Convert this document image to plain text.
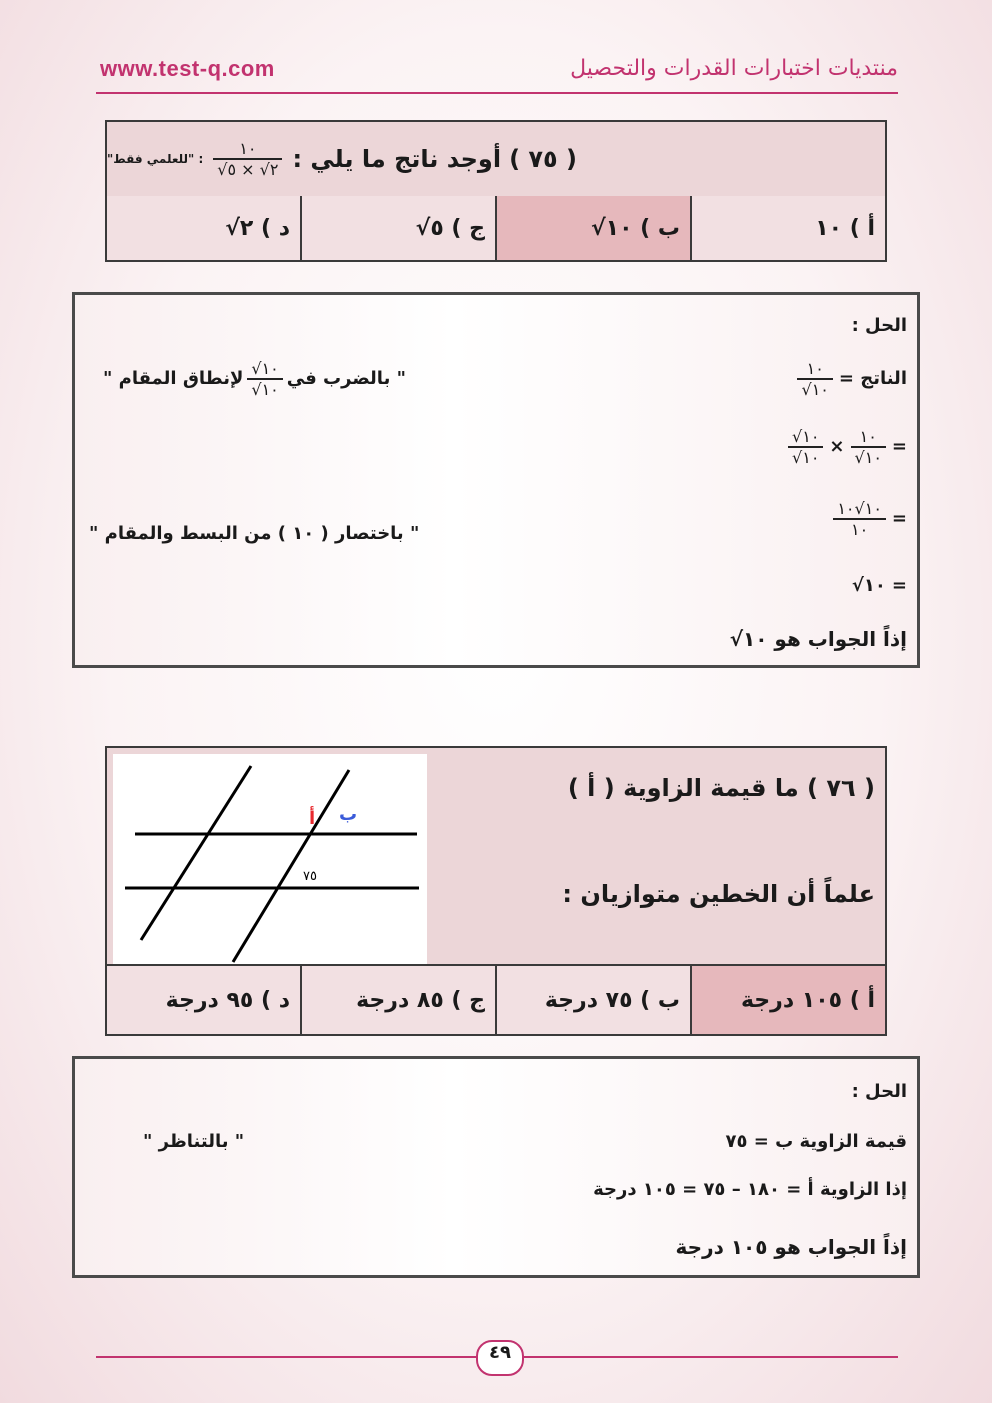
www.test-q.com	منتديات اختبارات القدرات والتحصيل
( ٧٥ )
أوجد ناتج ما يلي :
$\frac{١٠}{٢√ \times ٥√}$
: "للعلمي فقط"
أ ) ١٠
ب ) ١٠√
ج ) ٥√
د ) ٢√
الحل :
الناتج =
$\frac{١٠}{١٠√}$
" بالضرب في
$\frac{١٠√}{١٠√}$
لإنطاق المقام "
=
$\frac{١٠}{١٠√}$
×
$\frac{١٠√}{١٠√}$
=
$\frac{١٠√١٠}{١٠}$
" باختصار ( ١٠ ) من البسط والمقام "
=
١٠√
إذاً الجواب هو ١٠√
أ ب
٧٥
( ٧٦ ) ما قيمة الزاوية ( أ )
علماً أن الخطين متوازيان :
أ ) ١٠٥ درجة
ب ) ٧٥ درجة
ج ) ٨٥ درجة
د ) ٩٥ درجة
الحل :
قيمة الزاوية ب = ٧٥
" بالتناظر "
إذا الزاوية أ = ١٨٠ – ٧٥ = ١٠٥ درجة
إذاً الجواب هو ١٠٥ درجة
٤٩
